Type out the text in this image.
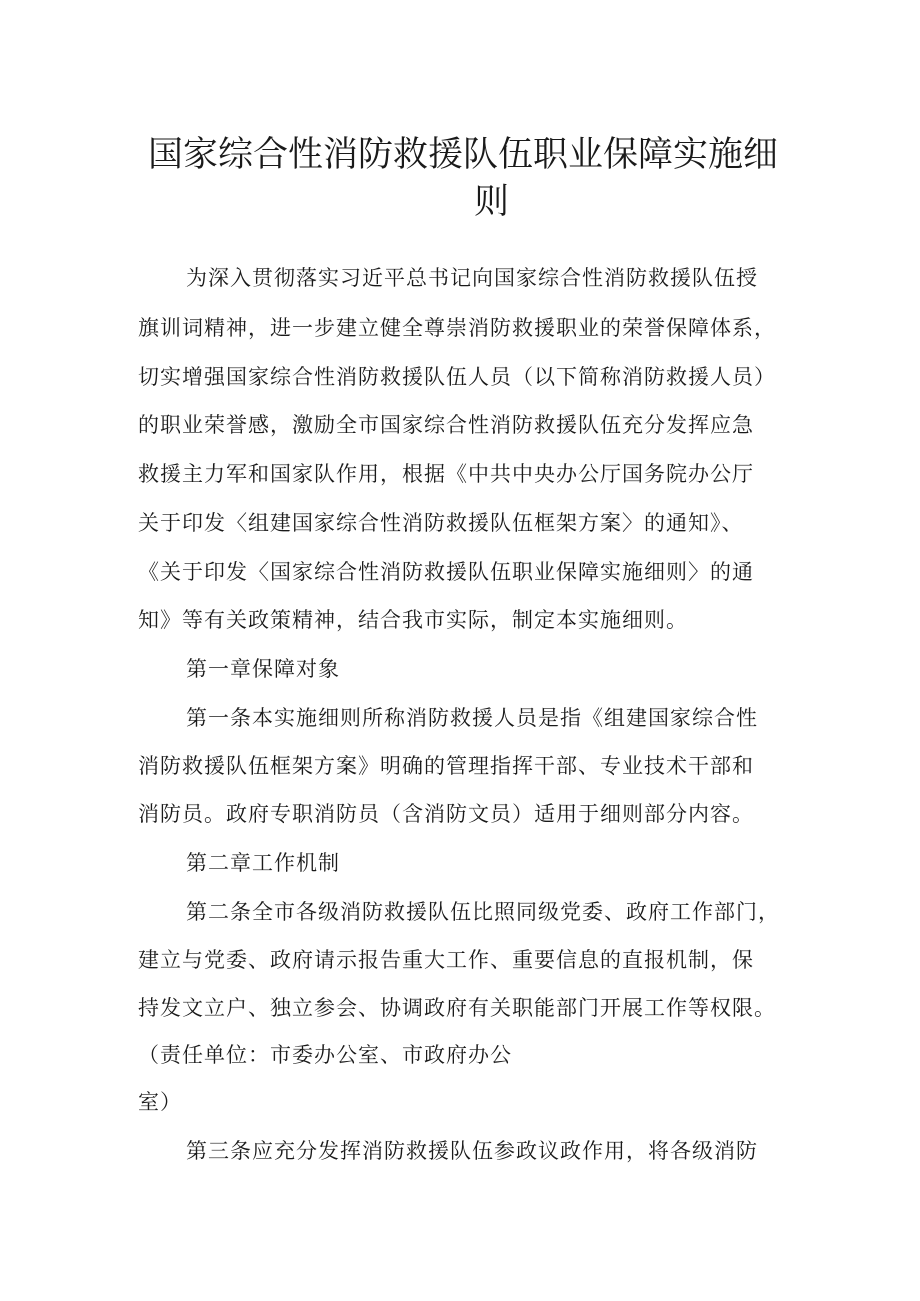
国家综合性消防救援队伍职业保障实施细
则
为深入贯彻落实习近平总书记向国家综合性消防救援队伍授
旗训词精神，进一步建立健全尊崇消防救援职业的荣誉保障体系，
切实增强国家综合性消防救援队伍人员（以下简称消防救援人员）
的职业荣誉感，激励全市国家综合性消防救援队伍充分发挥应急
救援主力军和国家队作用，根据《中共中央办公厅国务院办公厅
关于印发〈组建国家综合性消防救援队伍框架方案〉的通知》、
《关于印发〈国家综合性消防救援队伍职业保障实施细则〉的通
知》等有关政策精神，结合我市实际，制定本实施细则。
第一章保障对象
第一条本实施细则所称消防救援人员是指《组建国家综合性
消防救援队伍框架方案》明确的管理指挥干部、专业技术干部和
消防员。政府专职消防员（含消防文员）适用于细则部分内容。
第二章工作机制
第二条全市各级消防救援队伍比照同级党委、政府工作部门，
建立与党委、政府请示报告重大工作、重要信息的直报机制，保
持发文立户、独立参会、协调政府有关职能部门开展工作等权限。
（责任单位：市委办公室、市政府办公
室）
第三条应充分发挥消防救援队伍参政议政作用，将各级消防
